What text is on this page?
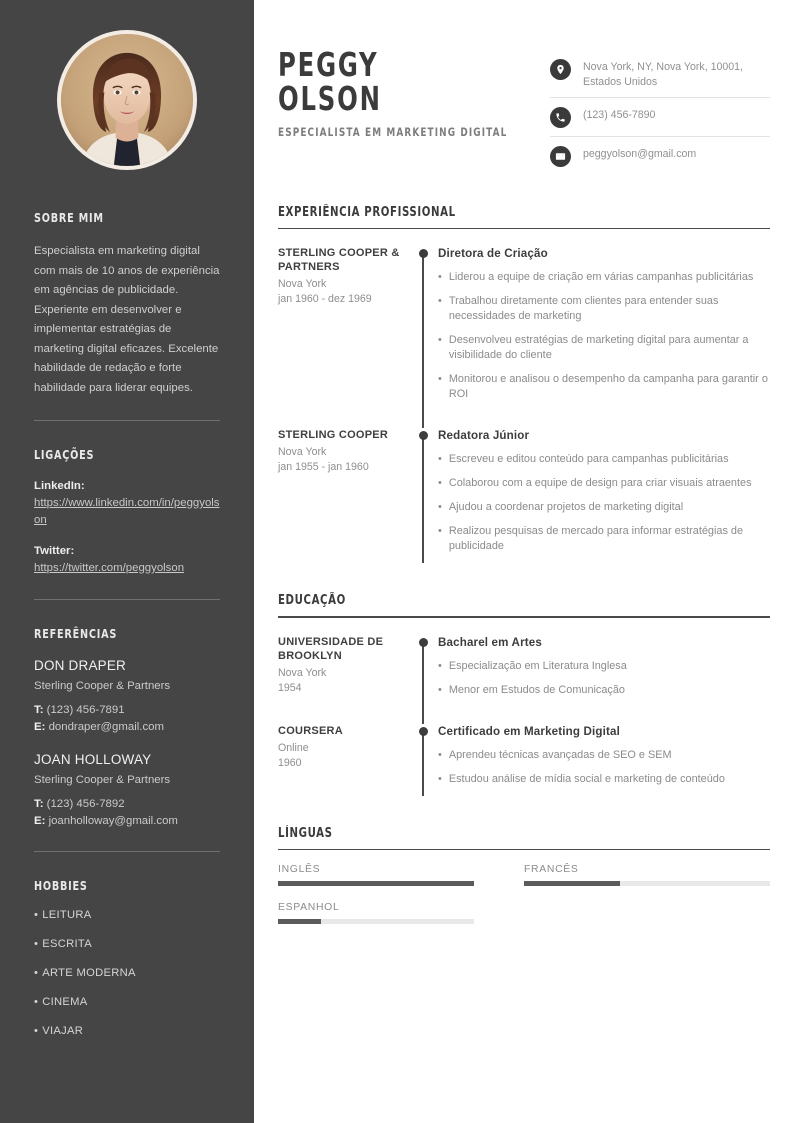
SOBRE MIM

Especialista em marketing digital com mais de 10 anos de experiência em agências de publicidade. Experiente em desenvolver e implementar estratégias de marketing digital eficazes. Excelente habilidade de redação e forte habilidade para liderar equipes.

LIGAÇÕES
LinkedIn:
https://www.linkedin.com/in/peggyolson
Twitter:
https://twitter.com/peggyolson
REFERÊNCIAS
DON DRAPER
Sterling Cooper & Partners
T: (123) 456-7891
E: dondraper@gmail.com
JOAN HOLLOWAY
Sterling Cooper & Partners
T: (123) 456-7892
E: joanholloway@gmail.com
HOBBIES
• LEITURA
• ESCRITA
• ARTE MODERNA
• CINEMA
• VIAJAR
PEGGY
OLSON
ESPECIALISTA EM MARKETING DIGITAL
Nova York, NY, Nova York, 10001, Estados Unidos
(123) 456-7890
peggyolson@gmail.com
EXPERIÊNCIA PROFISSIONAL
STERLING COOPER & PARTNERS
Nova York
jan 1960 - dez 1969
Diretora de Criação
• Liderou a equipe de criação em várias campanhas publicitárias
• Trabalhou diretamente com clientes para entender suas necessidades de marketing
• Desenvolveu estratégias de marketing digital para aumentar a visibilidade do cliente
• Monitorou e analisou o desempenho da campanha para garantir o ROI
STERLING COOPER
Nova York
jan 1955 - jan 1960
Redatora Júnior
• Escreveu e editou conteúdo para campanhas publicitárias
• Colaborou com a equipe de design para criar visuais atraentes
• Ajudou a coordenar projetos de marketing digital
• Realizou pesquisas de mercado para informar estratégias de publicidade
EDUCAÇÃO
UNIVERSIDADE DE BROOKLYN
Nova York
1954
Bacharel em Artes
• Especialização em Literatura Inglesa
• Menor em Estudos de Comunicação
COURSERA
Online
1960
Certificado em Marketing Digital
• Aprendeu técnicas avançadas de SEO e SEM
• Estudou análise de mídia social e marketing de conteúdo
LÍNGUAS
INGLÊS	FRANCÊS
ESPANHOL
